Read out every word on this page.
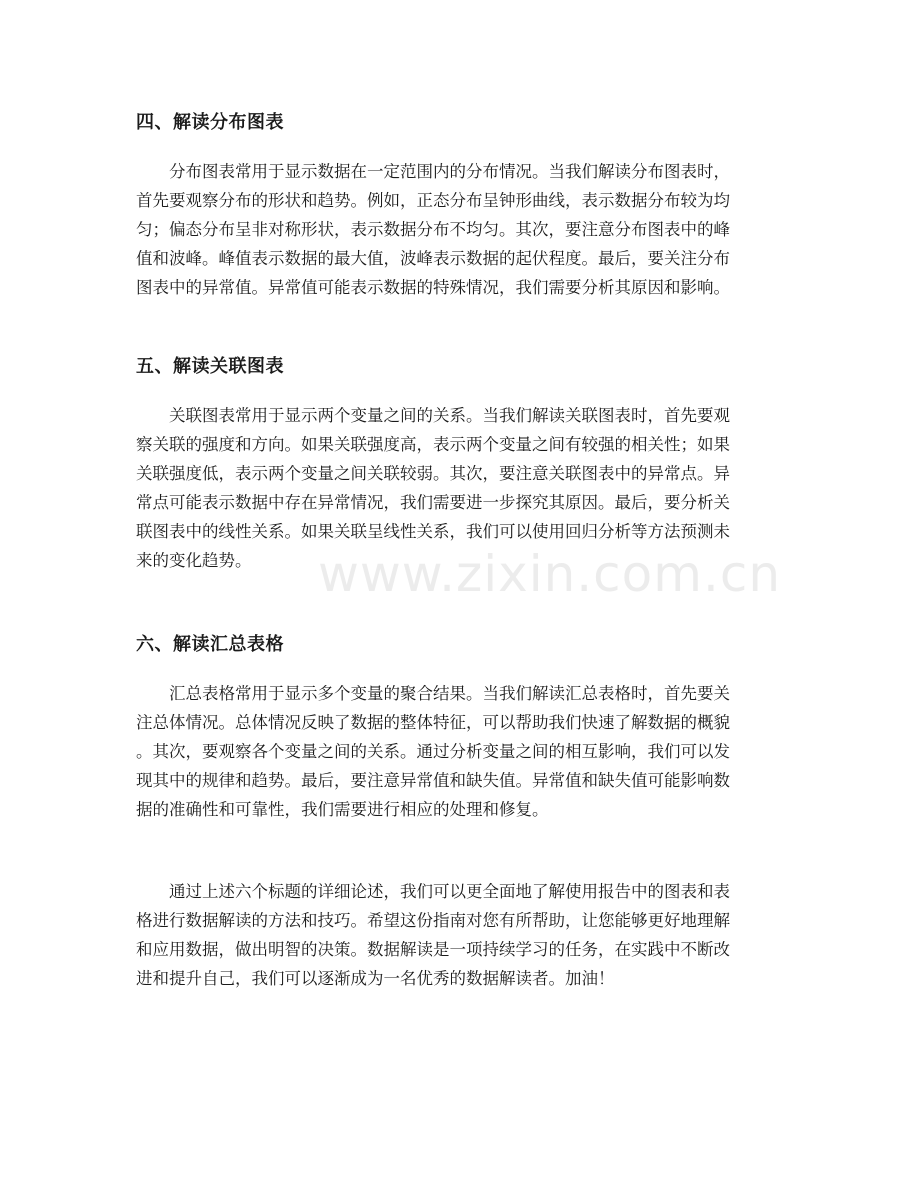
四、解读分布图表
分布图表常用于显示数据在一定范围内的分布情况。当我们解读分布图表时，
首先要观察分布的形状和趋势。例如，正态分布呈钟形曲线，表示数据分布较为均
匀；偏态分布呈非对称形状，表示数据分布不均匀。其次，要注意分布图表中的峰
值和波峰。峰值表示数据的最大值，波峰表示数据的起伏程度。最后，要关注分布
图表中的异常值。异常值可能表示数据的特殊情况，我们需要分析其原因和影响。
五、解读关联图表
关联图表常用于显示两个变量之间的关系。当我们解读关联图表时，首先要观
察关联的强度和方向。如果关联强度高，表示两个变量之间有较强的相关性；如果
关联强度低，表示两个变量之间关联较弱。其次，要注意关联图表中的异常点。异
常点可能表示数据中存在异常情况，我们需要进一步探究其原因。最后，要分析关
联图表中的线性关系。如果关联呈线性关系，我们可以使用回归分析等方法预测未
来的变化趋势。
六、解读汇总表格
汇总表格常用于显示多个变量的聚合结果。当我们解读汇总表格时，首先要关
注总体情况。总体情况反映了数据的整体特征，可以帮助我们快速了解数据的概貌
。其次，要观察各个变量之间的关系。通过分析变量之间的相互影响，我们可以发
现其中的规律和趋势。最后，要注意异常值和缺失值。异常值和缺失值可能影响数
据的准确性和可靠性，我们需要进行相应的处理和修复。
通过上述六个标题的详细论述，我们可以更全面地了解使用报告中的图表和表
格进行数据解读的方法和技巧。希望这份指南对您有所帮助，让您能够更好地理解
和应用数据，做出明智的决策。数据解读是一项持续学习的任务，在实践中不断改
进和提升自己，我们可以逐渐成为一名优秀的数据解读者。加油！
www.zixin.com.cn
